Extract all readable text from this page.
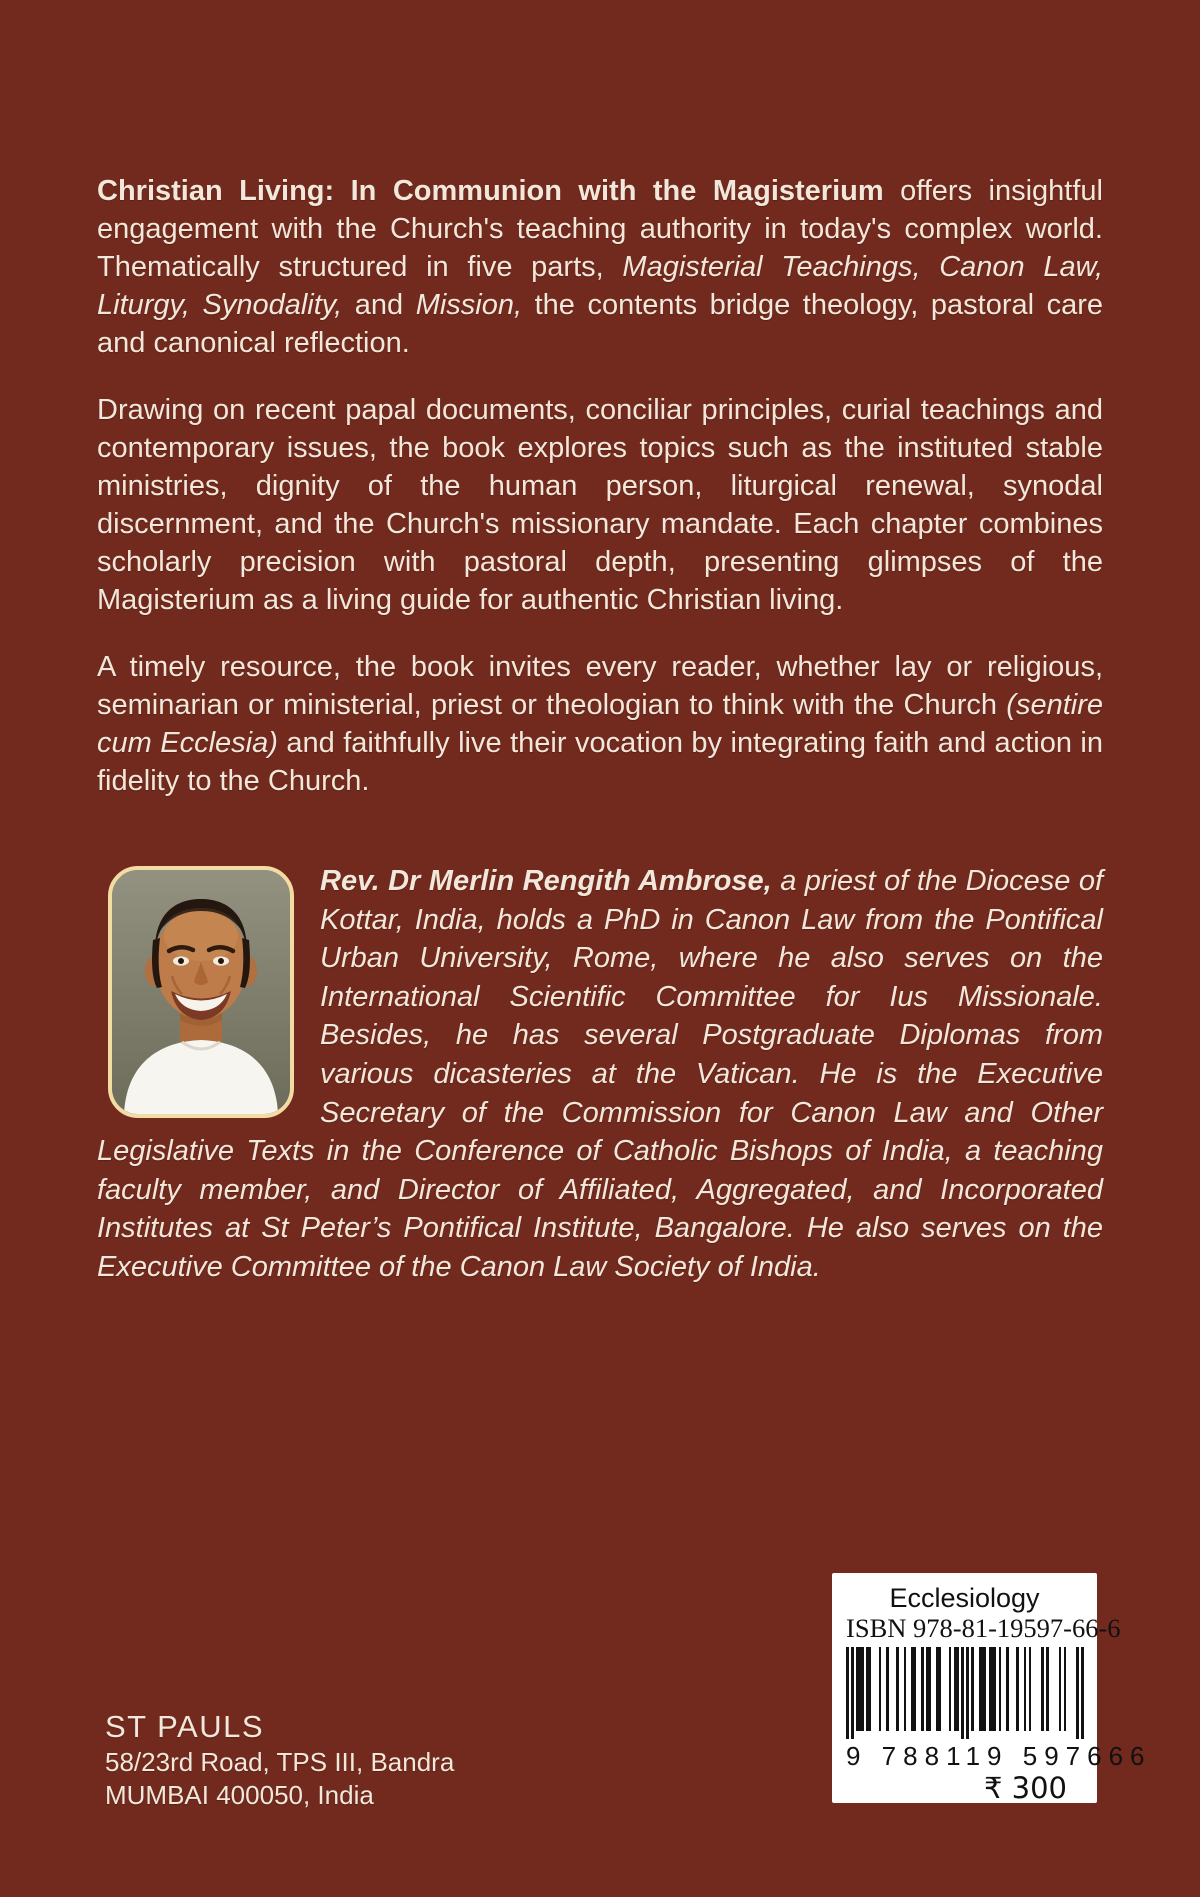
Christian Living: In Communion with the Magisterium offers insightful engagement with the Church's teaching authority in today's complex world. Thematically structured in five parts, Magisterial Teachings, Canon Law, Liturgy, Synodality, and Mission, the contents bridge theology, pastoral care and canonical reflection.

Drawing on recent papal documents, conciliar principles, curial teachings and contemporary issues, the book explores topics such as the instituted stable ministries, dignity of the human person, liturgical renewal, synodal discernment, and the Church's missionary mandate. Each chapter combines scholarly precision with pastoral depth, presenting glimpses of the Magisterium as a living guide for authentic Christian living.

A timely resource, the book invites every reader, whether lay or religious, seminarian or ministerial, priest or theologian to think with the Church (sentire cum Ecclesia) and faithfully live their vocation by integrating faith and action in fidelity to the Church.

Rev. Dr Merlin Rengith Ambrose, a priest of the Diocese of Kottar, India, holds a PhD in Canon Law from the Pontifical Urban University, Rome, where he also serves on the International Scientific Committee for Ius Missionale. Besides, he has several Postgraduate Diplomas from various dicasteries at the Vatican. He is the Executive Secretary of the Commission for Canon Law and Other Legislative Texts in the Conference of Catholic Bishops of India, a teaching faculty member, and Director of Affiliated, Aggregated, and Incorporated Institutes at St Peter’s Pontifical Institute, Bangalore. He also serves on the Executive Committee of the Canon Law Society of India.

Ecclesiology
ISBN 978-81-19597-66-6
9 788119 597666
₹ 300
ST PAULS
58/23rd Road, TPS III, Bandra
MUMBAI 400050, India
